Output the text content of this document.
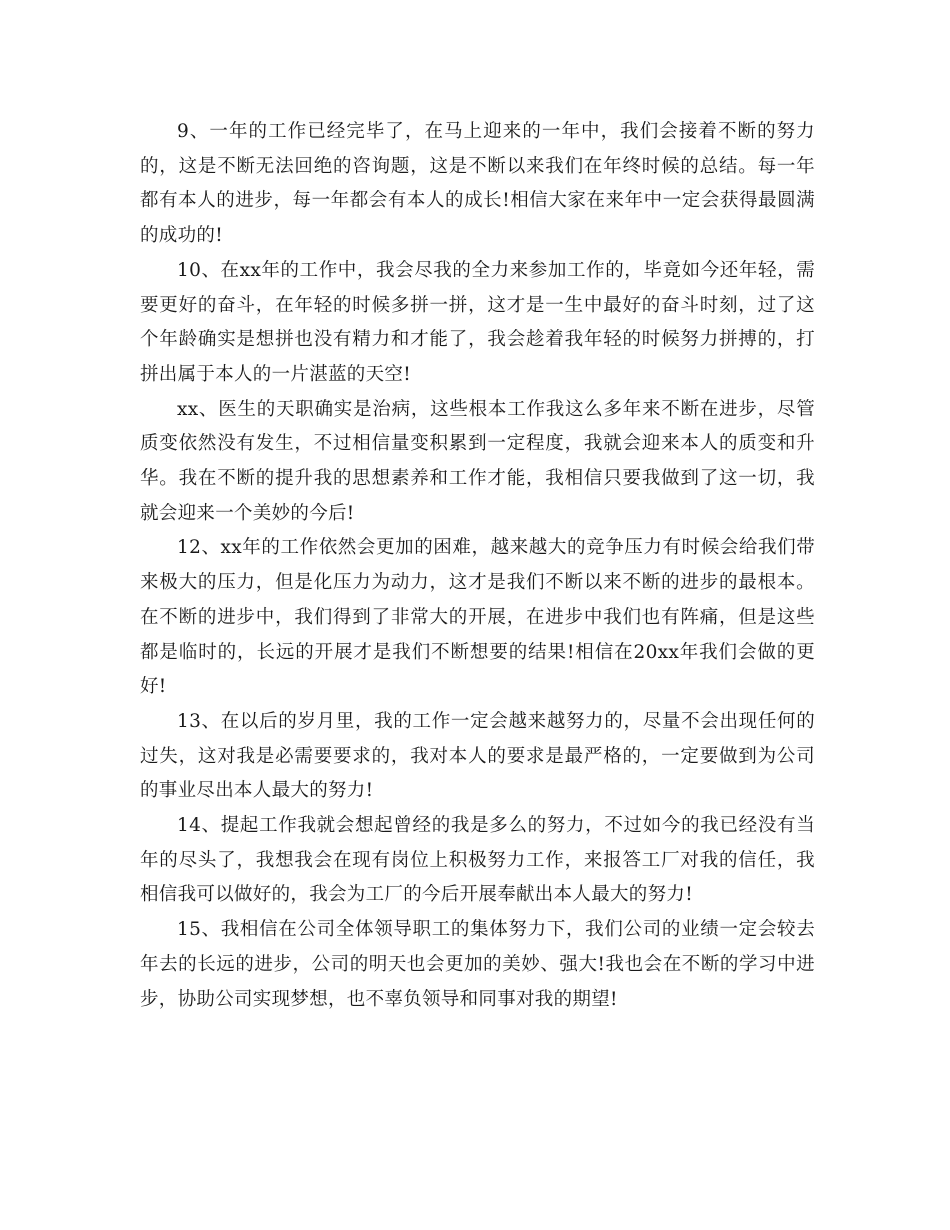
9、一年的工作已经完毕了，在马上迎来的一年中，我们会接着不断的努力的，这是不断无法回绝的咨询题，这是不断以来我们在年终时候的总结。每一年都有本人的进步，每一年都会有本人的成长!相信大家在来年中一定会获得最圆满的成功的!

10、在xx年的工作中，我会尽我的全力来参加工作的，毕竟如今还年轻，需要更好的奋斗，在年轻的时候多拼一拼，这才是一生中最好的奋斗时刻，过了这个年龄确实是想拼也没有精力和才能了，我会趁着我年轻的时候努力拼搏的，打拼出属于本人的一片湛蓝的天空!

xx、医生的天职确实是治病，这些根本工作我这么多年来不断在进步，尽管质变依然没有发生，不过相信量变积累到一定程度，我就会迎来本人的质变和升华。我在不断的提升我的思想素养和工作才能，我相信只要我做到了这一切，我就会迎来一个美妙的今后!

12、xx年的工作依然会更加的困难，越来越大的竞争压力有时候会给我们带来极大的压力，但是化压力为动力，这才是我们不断以来不断的进步的最根本。在不断的进步中，我们得到了非常大的开展，在进步中我们也有阵痛，但是这些都是临时的，长远的开展才是我们不断想要的结果!相信在20xx年我们会做的更好!

13、在以后的岁月里，我的工作一定会越来越努力的，尽量不会出现任何的过失，这对我是必需要要求的，我对本人的要求是最严格的，一定要做到为公司的事业尽出本人最大的努力!

14、提起工作我就会想起曾经的我是多么的努力，不过如今的我已经没有当年的尽头了，我想我会在现有岗位上积极努力工作，来报答工厂对我的信任，我相信我可以做好的，我会为工厂的今后开展奉献出本人最大的努力!

15、我相信在公司全体领导职工的集体努力下，我们公司的业绩一定会较去年去的长远的进步，公司的明天也会更加的美妙、强大!我也会在不断的学习中进步，协助公司实现梦想，也不辜负领导和同事对我的期望!
